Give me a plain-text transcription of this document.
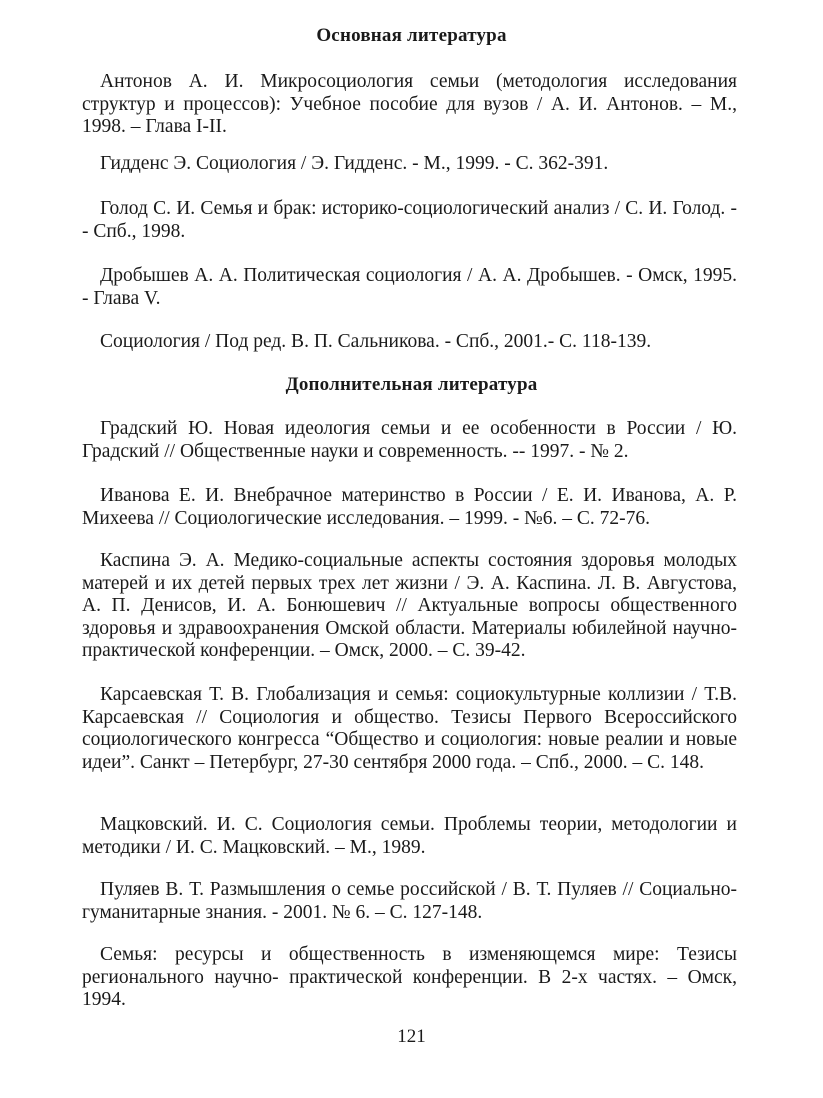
Основная литература
Антонов А. И. Микросоциология семьи (методология исследования структур и процессов): Учебное пособие для вузов / А. И. Антонов. – М., 1998. – Глава I-II.
Гидденс Э. Социология / Э. Гидденс. - М., 1999. - С. 362-391.
Голод С. И. Семья и брак: историко-социологический анализ / С. И. Голод. -- Спб., 1998.
Дробышев А. А. Политическая социология / А. А. Дробышев. - Омск, 1995. - Глава V.
Социология / Под ред. В. П. Сальникова. - Спб., 2001.- С. 118-139.
Дополнительная литература
Градский Ю. Новая идеология семьи и ее особенности в России / Ю. Градский // Общественные науки и современность. -- 1997. - № 2.
Иванова Е. И. Внебрачное материнство в России / Е. И. Иванова, А. Р. Михеева // Социологические исследования. – 1999. - №6. – С. 72-76.
Каспина Э. А. Медико-социальные аспекты состояния здоровья молодых матерей и их детей первых трех лет жизни / Э. А. Каспина. Л. В. Августова, А. П. Денисов, И. А. Бонюшевич // Актуальные вопросы общественного здоровья и здравоохранения Омской области. Материалы юбилейной научно-практической конференции. – Омск, 2000. – С. 39-42.
Карсаевская Т. В. Глобализация и семья: социокультурные коллизии / Т.В. Карсаевская // Социология и общество. Тезисы Первого Всероссийского социологического конгресса “Общество и социология: новые реалии и новые идеи”. Санкт – Петербург, 27-30 сентября 2000 года. – Спб., 2000. – С. 148.
Мацковский. И. С. Социология семьи. Проблемы теории, методологии и методики / И. С. Мацковский. – М., 1989.
Пуляев В. Т. Размышления о семье российской / В. Т. Пуляев // Социально-гуманитарные знания. - 2001. № 6. – С. 127-148.
Семья: ресурсы и общественность в изменяющемся мире: Тезисы регионального научно- практической конференции. В 2-х частях. – Омск, 1994.
121
